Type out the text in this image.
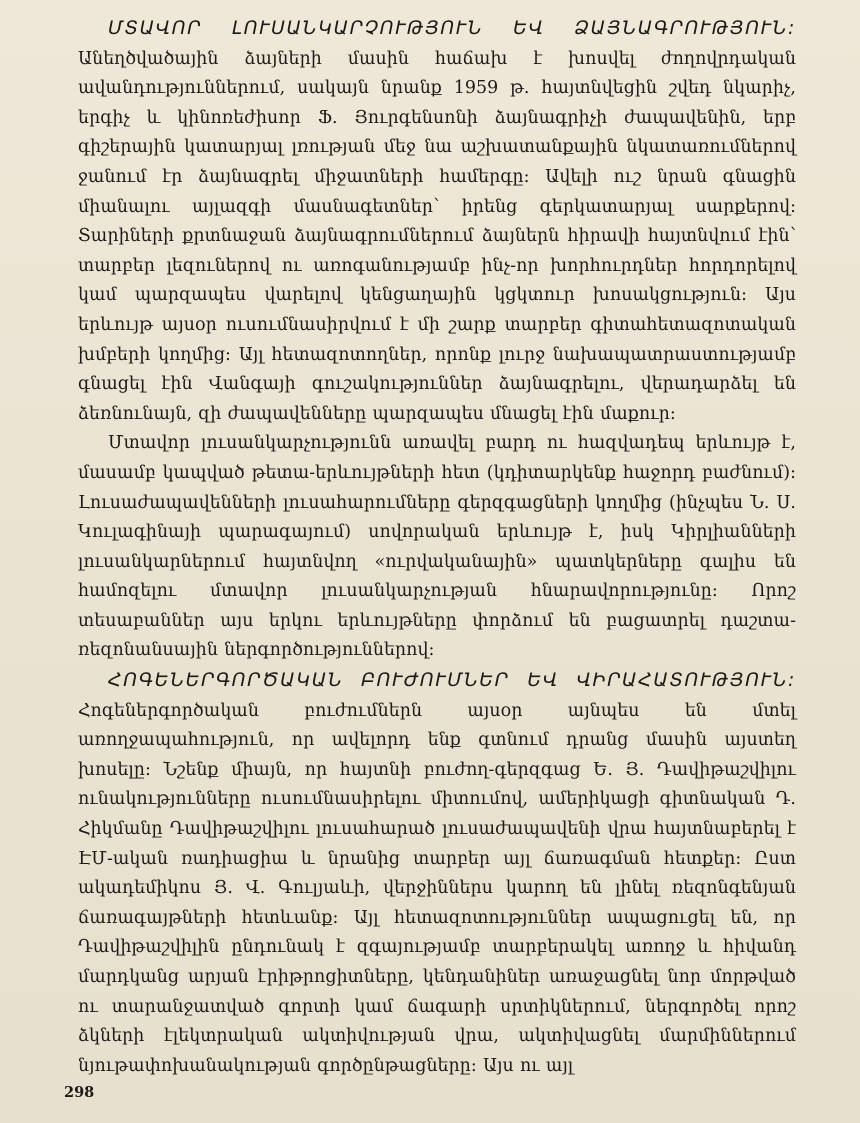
ՄՏԱՎՈՐ ԼՈՒՍԱՆԿԱՐՉՈՒԹՅՈՒՆ ԵՎ ՁԱՅՆԱԳՐՈՒԹՅՈՒՆ: Անեղծվածային ձայների մասին հաճախ է խոսվել ժողովրդական ավանդություններում, սակայն նրանք 1959 թ. հայտնվեցին շվեդ նկարիչ, երգիչ և կինոռեժիսոր Ֆ. Յուրգենսոնի ձայնագրիչի ժապավենին, երբ գիշերային կատարյալ լռության մեջ նա աշխատանքային նկատառումներով ջանում էր ձայնագրել միջատների համերգը: Ավելի ուշ նրան գնացին միանալու այլազգի մասնագետներ՝ իրենց գերկատարյալ սարքերով: Տարիների քրտնաջան ձայնագրումներում ձայներն հիրավի հայտնվում էին՝ տարբեր լեզուներով ու առոգանությամբ ինչ-որ խորհուրդներ հորդորելով կամ պարզապես վարելով կենցաղային կցկտուր խոսակցություն: Այս երևույթ այսօր ուսումնասիրվում է մի շարք տարբեր գիտահետազոտական խմբերի կողմից: Այլ հետազոտողներ, որոնք լուրջ նախապատրաստությամբ գնացել էին Վանգայի գուշակություններ ձայնագրելու, վերադարձել են ձեռնունայն, զի ժապավենները պարզապես մնացել էին մաքուր:

Մտավոր լուսանկարչությունն առավել բարդ ու հազվադեպ երևույթ է, մասամբ կապված թետա-երևույթների հետ (կդիտարկենք հաջորդ բաժնում): Լուսաժապավենների լուսահարումները գերզգացների կողմից (ինչպես Ն. Ս. Կուլագինայի պարագայում) սովորական երևույթ է, իսկ Կիրլիանների լուսանկարներում հայտնվող «ուրվականային» պատկերները գալիս են համոզելու մտավոր լուսանկարչության հնարավորությունը: Որոշ տեսաբաններ այս երկու երևույթները փորձում են բացատրել դաշտա-ռեզոնանսային ներգործություններով:

ՀՈԳԵՆԵՐԳՈՐԾԱԿԱՆ ԲՈՒԺՈՒՄՆԵՐ ԵՎ ՎԻՐԱՀԱՏՈՒԹՅՈՒՆ: Հոգեներգործական բուժումներն այսօր այնպես են մտել առողջապահություն, որ ավելորդ ենք գտնում դրանց մասին այստեղ խոսելը: Նշենք միայն, որ հայտնի բուժող-գերզգաց Ե. Յ. Դավիթաշվիլու ունակությունները ուսումնասիրելու միտումով, ամերիկացի գիտնական Դ. Հիկմանը Դավիթաշվիլու լուսահարած լուսաժապավենի վրա հայտնաբերել է ԷՄ-ական ռադիացիա և նրանից տարբեր այլ ճառագման հետքեր: Ըստ ակադեմիկոս Յ. Վ. Գուլյաևի, վերջիններս կարող են լինել ռեզոնգենյան ճառագայթների հետևանք: Այլ հետազոտություններ ապացուցել են, որ Դավիթաշվիլին ընդունակ է զգայությամբ տարբերակել առողջ և հիվանդ մարդկանց արյան էրիթրոցիտները, կենդանիներ առաջացնել նոր մորթված ու տարանջատված գորտի կամ ճագարի սրտիկներում, ներգործել որոշ ձկների էլեկտրական ակտիվության վրա, ակտիվացնել մարմիններում նյութափոխանակության գործընթացները: Այս ու այլ

298
